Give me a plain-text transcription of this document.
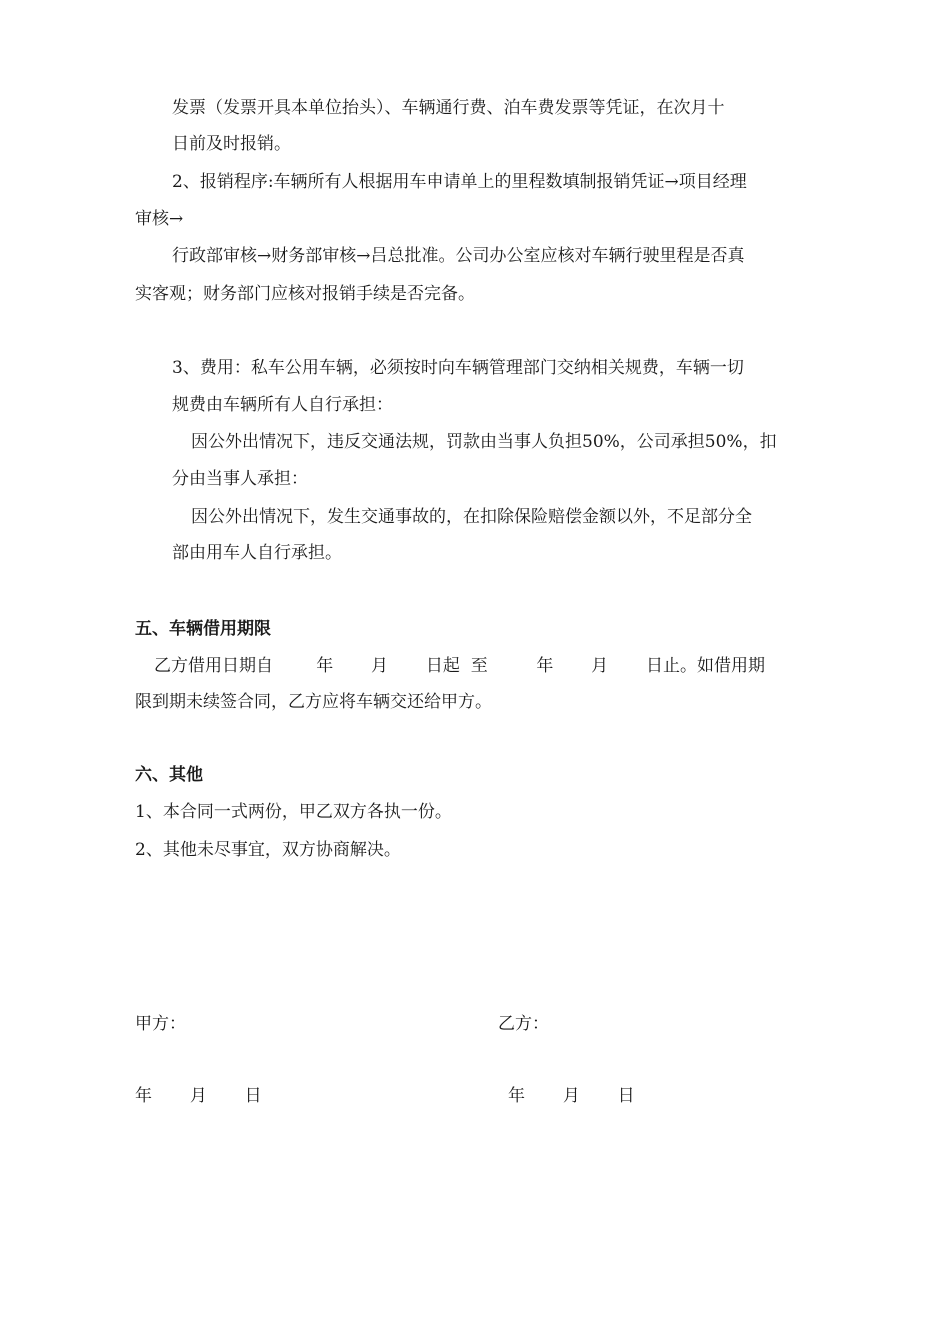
发票（发票开具本单位抬头）、车辆通行费、泊车费发票等凭证，在次月十
日前及时报销。
2、报销程序:车辆所有人根据用车申请单上的里程数填制报销凭证→项目经理
审核→
行政部审核→财务部审核→吕总批准。公司办公室应核对车辆行驶里程是否真
实客观；财务部门应核对报销手续是否完备。
3、费用：私车公用车辆，必须按时向车辆管理部门交纳相关规费，车辆一切
规费由车辆所有人自行承担：
因公外出情况下，违反交通法规，罚款由当事人负担50%，公司承担50%，扣
分由当事人承担：
因公外出情况下，发生交通事故的，在扣除保险赔偿金额以外，不足部分全
部由用车人自行承担。
五、车辆借用期限
乙方借用日期自        年       月       日起  至         年       月       日止。如借用期
限到期未续签合同，乙方应将车辆交还给甲方。
六、其他
1、本合同一式两份，甲乙双方各执一份。
2、其他未尽事宜，双方协商解决。
甲方：	乙方：
年       月       日	年       月       日
